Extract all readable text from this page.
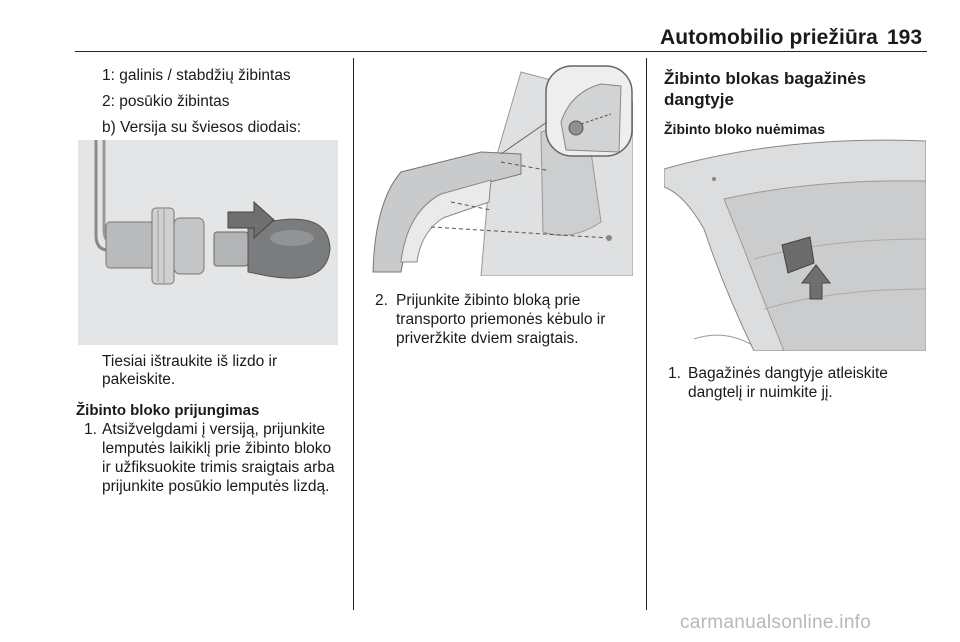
Automobilio priežiūra 193
1: galinis / stabdžių žibintas
2: posūkio žibintas
b) Versija su šviesos diodais:
Tiesiai ištraukite iš lizdo ir
pakeiskite.
Žibinto bloko prijungimas
1. Atsižvelgdami į versiją, prijunkite
lemputės laikiklį prie žibinto bloko
ir užfiksuokite trimis sraigtais arba
prijunkite posūkio lemputės lizdą.
2. Prijunkite žibinto bloką prie
transporto priemonės kėbulo ir
priveržkite dviem sraigtais.
Žibinto blokas bagažinės
dangtyje
Žibinto bloko nuėmimas
1. Bagažinės dangtyje atleiskite
dangtelį ir nuimkite jį.
carmanualsonline.info
